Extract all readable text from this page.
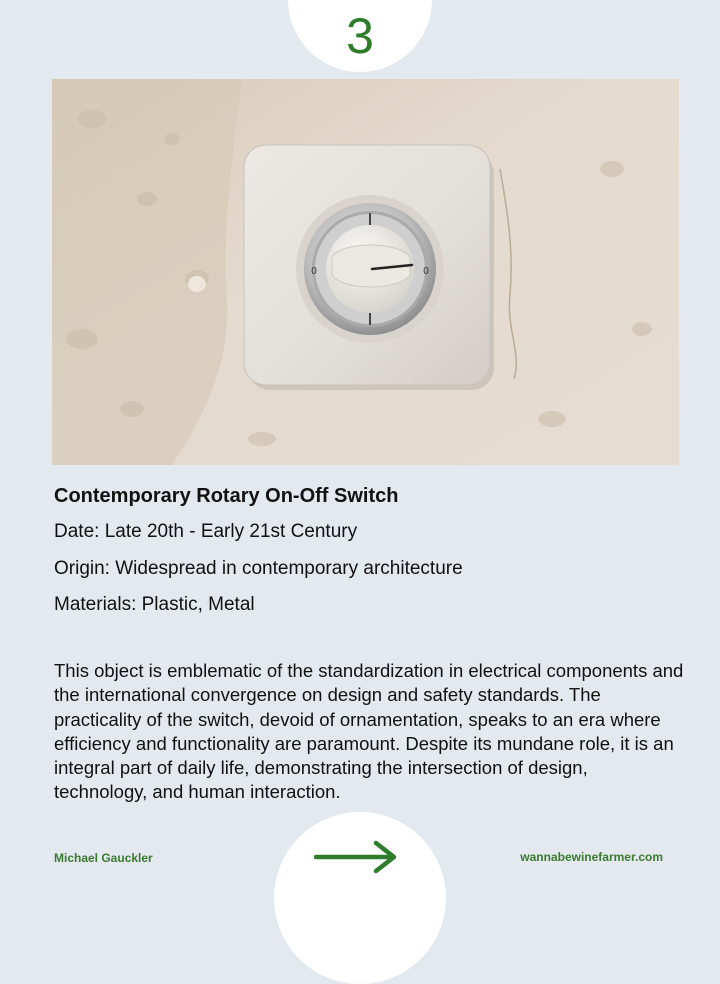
3
0	0
Contemporary Rotary On-Off Switch
Date: Late 20th - Early 21st Century
Origin: Widespread in contemporary architecture
Materials: Plastic, Metal

This object is emblematic of the standardization in electrical components and the international convergence on design and safety standards. The practicality of the switch, devoid of ornamentation, speaks to an era where efficiency and functionality are paramount. Despite its mundane role, it is an integral part of daily life, demonstrating the intersection of design, technology, and human interaction.

Michael Gauckler	wannabewinefarmer.com
